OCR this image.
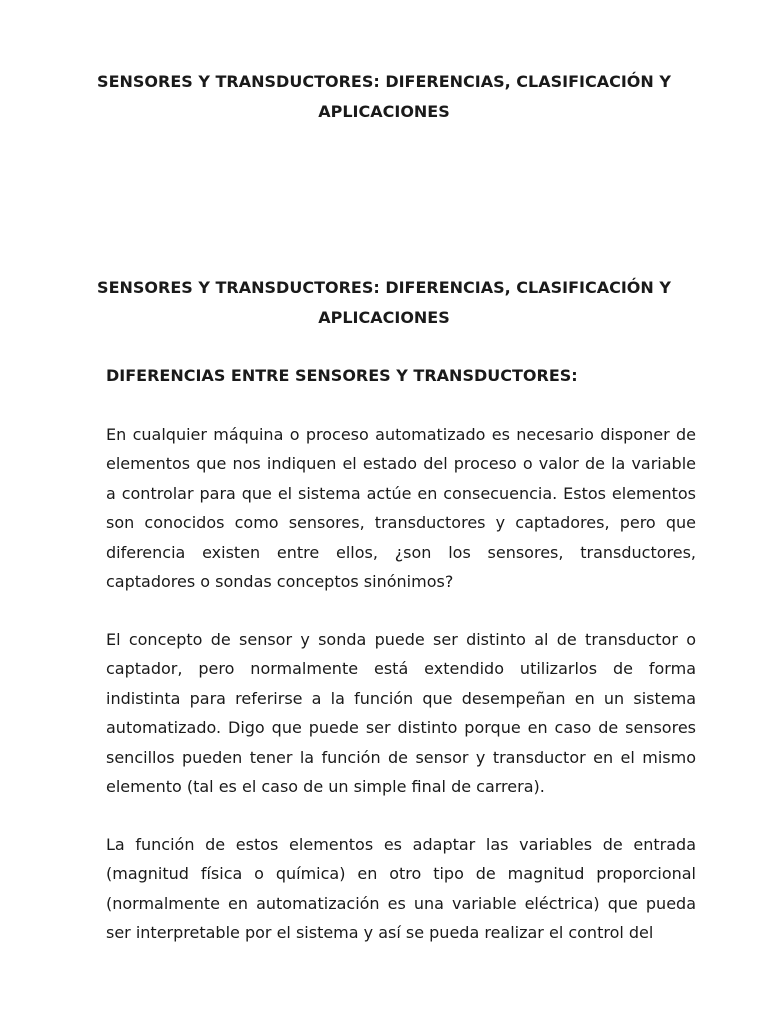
SENSORES Y TRANSDUCTORES: DIFERENCIAS, CLASIFICACIÓN Y APLICACIONES
SENSORES Y TRANSDUCTORES: DIFERENCIAS, CLASIFICACIÓN Y APLICACIONES
DIFERENCIAS ENTRE SENSORES Y TRANSDUCTORES:

En cualquier máquina o proceso automatizado es necesario disponer de elementos que nos indiquen el estado del proceso o valor de la variable a controlar para que el sistema actúe en consecuencia. Estos elementos son conocidos como sensores, transductores y captadores, pero que diferencia existen entre ellos, ¿son los sensores, transductores, captadores o sondas conceptos sinónimos?

El concepto de sensor y sonda puede ser distinto al de transductor o captador, pero normalmente está extendido utilizarlos de forma indistinta para referirse a la función que desempeñan en un sistema automatizado. Digo que puede ser distinto porque en caso de sensores sencillos pueden tener la función de sensor y transductor en el mismo elemento (tal es el caso de un simple final de carrera).

La función de estos elementos es adaptar las variables de entrada (magnitud física o química) en otro tipo de magnitud proporcional (normalmente en automatización es una variable eléctrica) que pueda ser interpretable por el sistema y así se pueda realizar el control del
